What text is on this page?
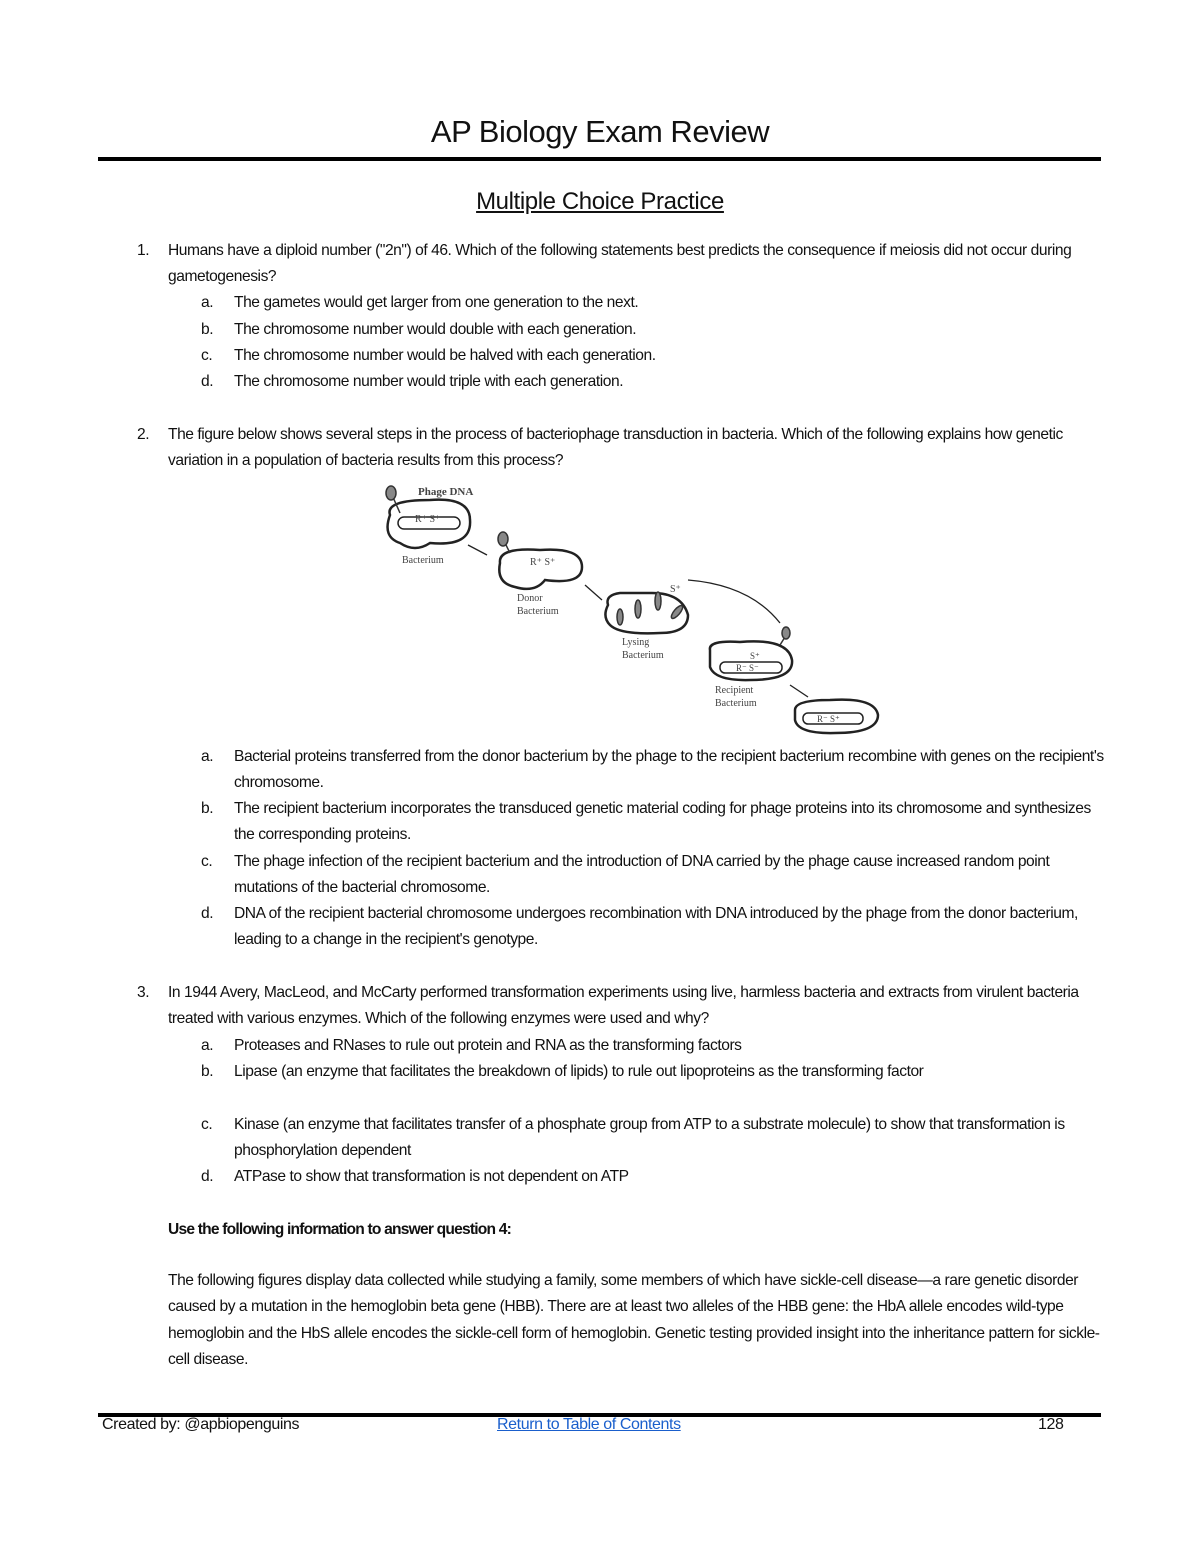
AP Biology Exam Review
Multiple Choice Practice
1. Humans have a diploid number ("2n") of 46. Which of the following statements best predicts the consequence if meiosis did not occur during gametogenesis?
a. The gametes would get larger from one generation to the next.
b. The chromosome number would double with each generation.
c. The chromosome number would be halved with each generation.
d. The chromosome number would triple with each generation.
2. The figure below shows several steps in the process of bacteriophage transduction in bacteria. Which of the following explains how genetic variation in a population of bacteria results from this process?
Phage DNA
R⁺ S⁺
Bacterium	R⁺ S⁺
Donor
Bacterium
S⁺
Lysing
Bacterium	S⁺
R⁻ S⁻
Recipient
Bacterium
R⁻ S⁺
a. Bacterial proteins transferred from the donor bacterium by the phage to the recipient bacterium recombine with genes on the recipient's chromosome.
b. The recipient bacterium incorporates the transduced genetic material coding for phage proteins into its chromosome and synthesizes the corresponding proteins.
c. The phage infection of the recipient bacterium and the introduction of DNA carried by the phage cause increased random point mutations of the bacterial chromosome.
d. DNA of the recipient bacterial chromosome undergoes recombination with DNA introduced by the phage from the donor bacterium, leading to a change in the recipient's genotype.
3. In 1944 Avery, MacLeod, and McCarty performed transformation experiments using live, harmless bacteria and extracts from virulent bacteria treated with various enzymes. Which of the following enzymes were used and why?
a. Proteases and RNases to rule out protein and RNA as the transforming factors
b. Lipase (an enzyme that facilitates the breakdown of lipids) to rule out lipoproteins as the transforming factor
c. Kinase (an enzyme that facilitates transfer of a phosphate group from ATP to a substrate molecule) to show that transformation is phosphorylation dependent
d. ATPase to show that transformation is not dependent on ATP
Use the following information to answer question 4:
The following figures display data collected while studying a family, some members of which have sickle-cell disease—a rare genetic disorder caused by a mutation in the hemoglobin beta gene (HBB). There are at least two alleles of the HBB gene: the HbA allele encodes wild-type hemoglobin and the HbS allele encodes the sickle-cell form of hemoglobin. Genetic testing provided insight into the inheritance pattern for sickle-cell disease.
Created by: @apbiopenguins	Return to Table of Contents	128
